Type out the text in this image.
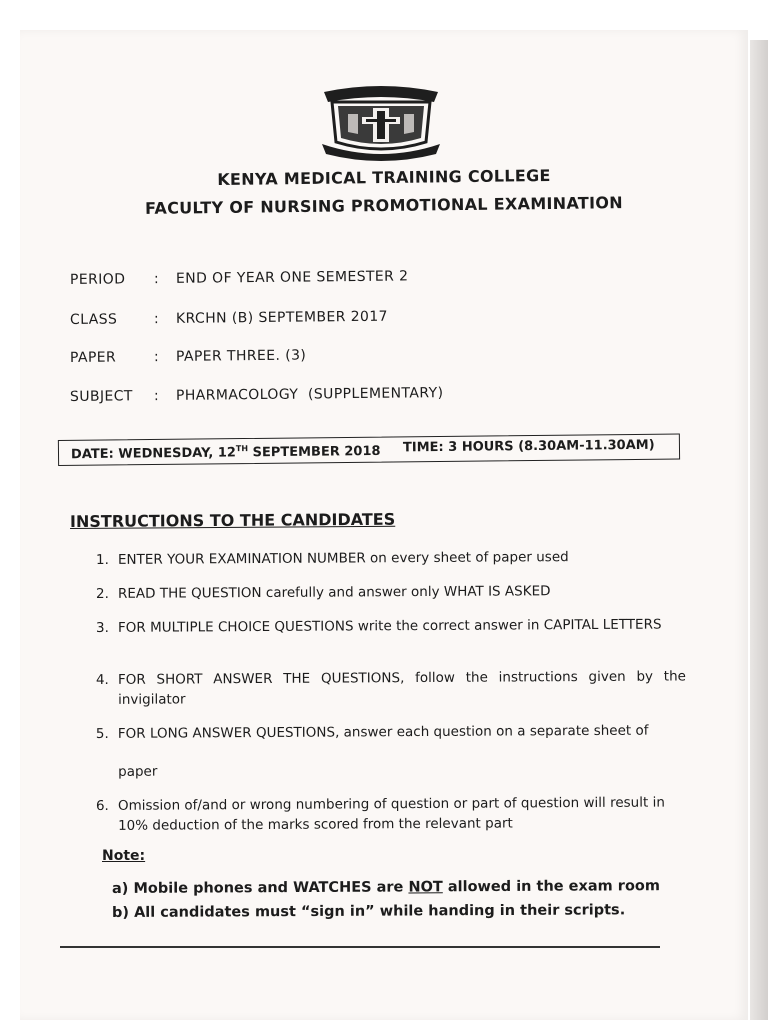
KENYA MEDICAL TRAINING COLLEGE
FACULTY OF NURSING PROMOTIONAL EXAMINATION
PERIOD : END OF YEAR ONE SEMESTER 2
CLASS	: KRCHN (B) SEPTEMBER 2017
PAPER	: PAPER THREE. (3)
SUBJECT : PHARMACOLOGY  (SUPPLEMENTARY)
DATE: WEDNESDAY, 12TH SEPTEMBER 2018 TIME: 3 HOURS (8.30AM-11.30AM)
INSTRUCTIONS TO THE CANDIDATES
1. ENTER YOUR EXAMINATION NUMBER on every sheet of paper used
2. READ THE QUESTION carefully and answer only WHAT IS ASKED
3. FOR MULTIPLE CHOICE QUESTIONS write the correct answer in CAPITAL LETTERS
4. FOR SHORT ANSWER THE QUESTIONS, follow the instructions given by the invigilator
5. FOR LONG ANSWER QUESTIONS, answer each question on a separate sheet of
paper
6. Omission of/and or wrong numbering of question or part of question will result in 10% deduction of the marks scored from the relevant part
Note:
a) Mobile phones and WATCHES are NOT allowed in the exam room
b) All candidates must “sign in” while handing in their scripts.
